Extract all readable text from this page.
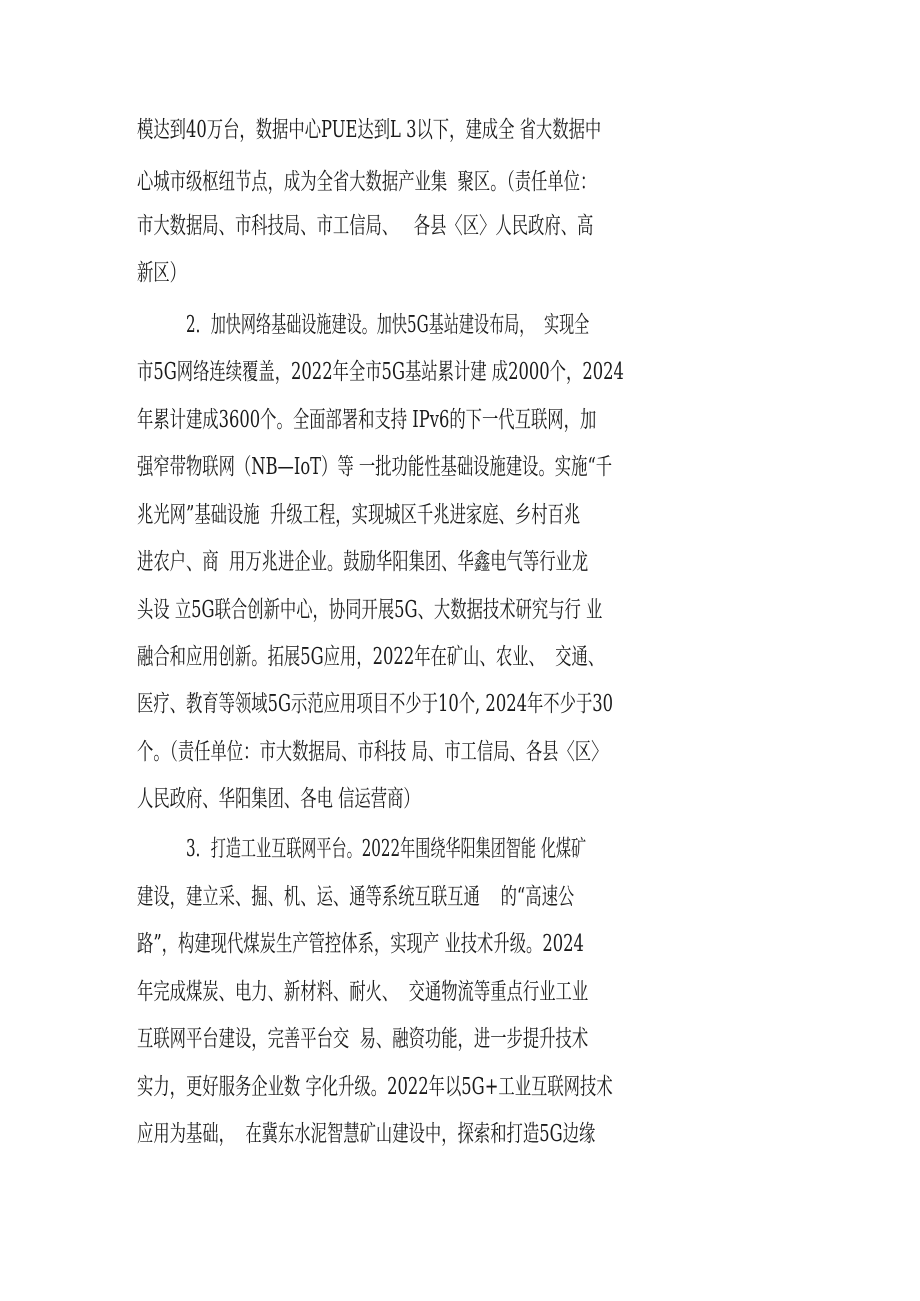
模达到40万台，数据中心PUE达到L 3以下，建成全 省大数据中
心城市级枢纽节点，成为全省大数据产业集  聚区。（责任单位：
市大数据局、市科技局、市工信局、   各县〈区〉人民政府、高
新区）
2．加快网络基础设施建设。加快5G基站建设布局，  实现全
市5G网络连续覆盖，2022年全市5G基站累计建 成2000个，2024
年累计建成3600个。全面部署和支持 IPv6的下一代互联网，加
强窄带物联网（NB—IoT）等 一批功能性基础设施建设。实施“千
兆光网”基础设施  升级工程，实现城区千兆进家庭、乡村百兆
进农户、商  用万兆进企业。鼓励华阳集团、华鑫电气等行业龙
头设 立5G联合创新中心，协同开展5G、大数据技术研究与行 业
融合和应用创新。拓展5G应用，2022年在矿山、农业、  交通、
医疗、教育等领域5G示范应用项目不少于10个, 2024年不少于30
个。（责任单位：市大数据局、市科技 局、市工信局、各县〈区〉
人民政府、华阳集团、各电 信运营商）
3．打造工业互联网平台。2022年围绕华阳集团智能 化煤矿
建设，建立采、掘、机、运、通等系统互联互通    的“高速公
路”，构建现代煤炭生产管控体系，实现产 业技术升级。2024
年完成煤炭、电力、新材料、耐火、  交通物流等重点行业工业
互联网平台建设，完善平台交  易、融资功能，进一步提升技术
实力，更好服务企业数 字化升级。2022年以5G+工业互联网技术
应用为基础，  在冀东水泥智慧矿山建设中，探索和打造5G边缘
